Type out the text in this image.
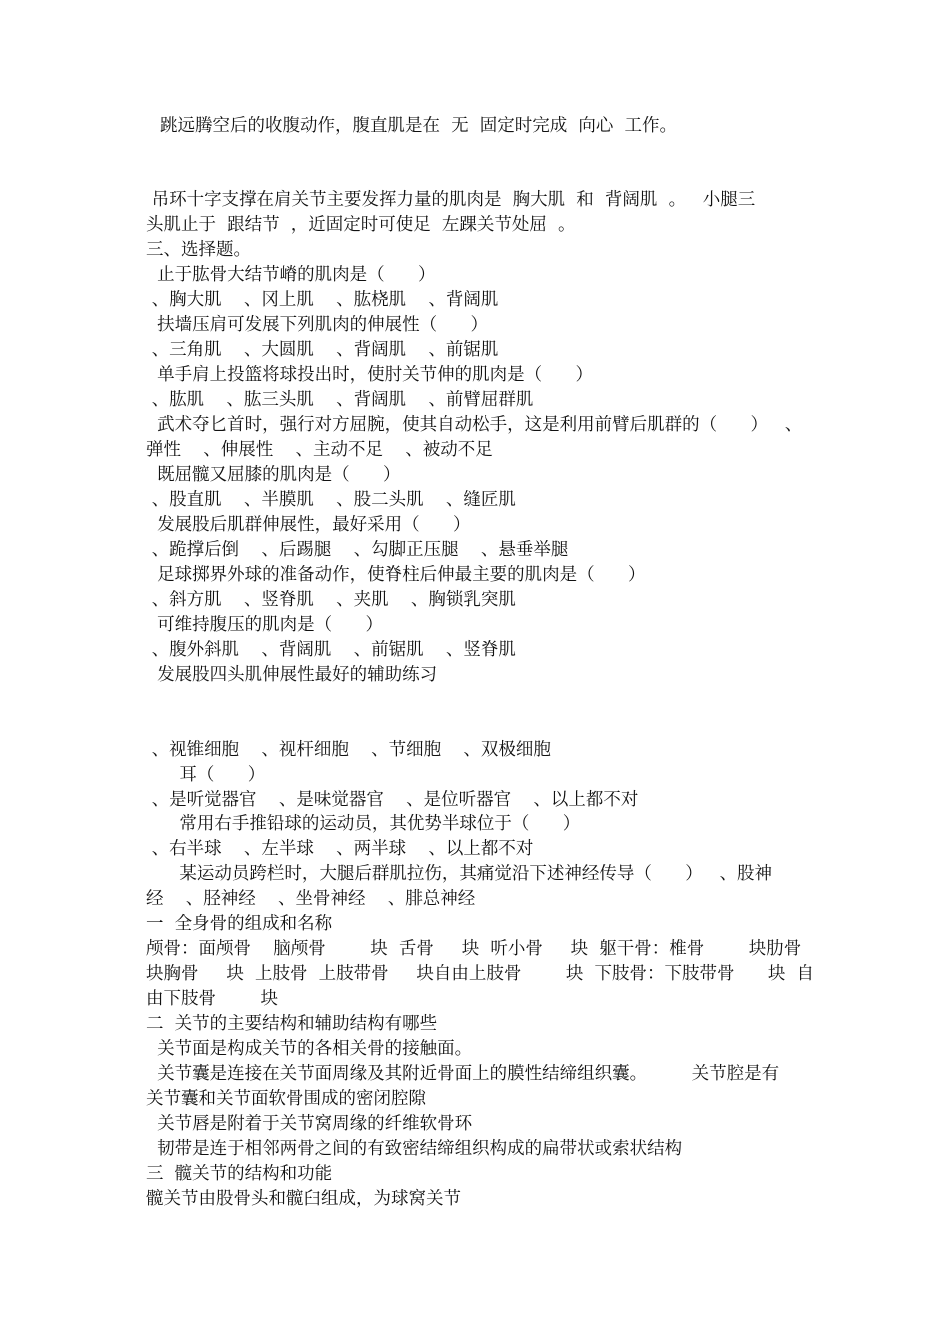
跳远腾空后的收腹动作，腹直肌是在  无  固定时完成  向心  工作。
吊环十字支撑在肩关节主要发挥力量的肌肉是  胸大肌  和  背阔肌  。   小腿三
头肌止于  跟结节  ，近固定时可使足  左踝关节处屈  。
三、选择题。
止于肱骨大结节嵴的肌肉是（      ）
、胸大肌    、冈上肌    、肱桡肌    、背阔肌
扶墙压肩可发展下列肌肉的伸展性（      ）
、三角肌    、大圆肌    、背阔肌    、前锯肌
单手肩上投篮将球投出时，使肘关节伸的肌肉是（      ）
、肱肌    、肱三头肌    、背阔肌    、前臂屈群肌
武术夺匕首时，强行对方屈腕，使其自动松手，这是利用前臂后肌群的（      ）   、
弹性    、伸展性    、主动不足    、被动不足
既屈髋又屈膝的肌肉是（      ）
、股直肌    、半膜肌    、股二头肌    、缝匠肌
发展股后肌群伸展性，最好采用（      ）
、跪撑后倒    、后踢腿    、勾脚正压腿    、悬垂举腿
足球掷界外球的准备动作，使脊柱后伸最主要的肌肉是（      ）
、斜方肌    、竖脊肌    、夹肌    、胸锁乳突肌
可维持腹压的肌肉是（      ）
、腹外斜肌    、背阔肌    、前锯肌    、竖脊肌
发展股四头肌伸展性最好的辅助练习
、视锥细胞    、视杆细胞    、节细胞    、双极细胞
耳（      ）
、是听觉器官    、是味觉器官    、是位听器官    、以上都不对
常用右手推铅球的运动员，其优势半球位于（      ）
、右半球    、左半球    、两半球    、以上都不对
某运动员跨栏时，大腿后群肌拉伤，其痛觉沿下述神经传导（      ）   、股神
经    、胫神经    、坐骨神经    、腓总神经
一  全身骨的组成和名称
颅骨：面颅骨    脑颅骨        块  舌骨     块  听小骨     块  躯干骨：椎骨        块肋骨
块胸骨     块  上肢骨  上肢带骨     块自由上肢骨        块  下肢骨：下肢带骨      块  自
由下肢骨        块
二  关节的主要结构和辅助结构有哪些
关节面是构成关节的各相关骨的接触面。
关节囊是连接在关节面周缘及其附近骨面上的膜性结缔组织囊。        关节腔是有
关节囊和关节面软骨围成的密闭腔隙
关节唇是附着于关节窝周缘的纤维软骨环
韧带是连于相邻两骨之间的有致密结缔组织构成的扁带状或索状结构
三  髋关节的结构和功能
髋关节由股骨头和髋臼组成，为球窝关节
